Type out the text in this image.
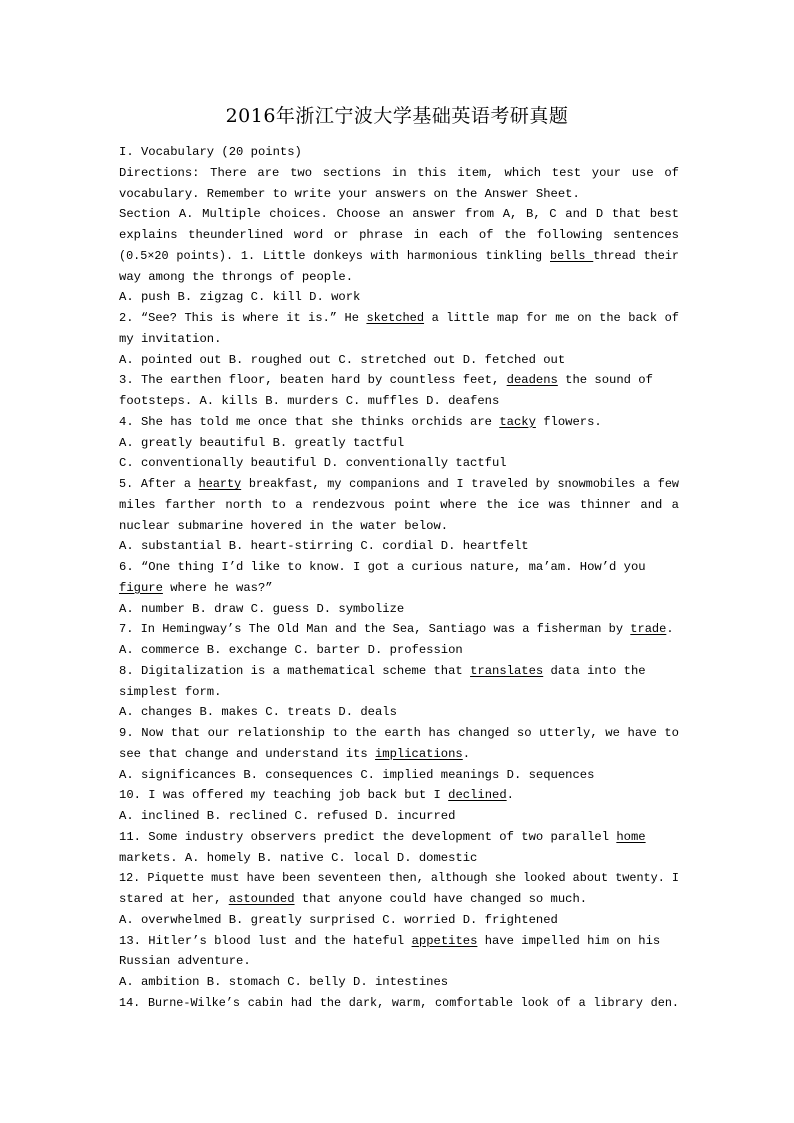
2016年浙江宁波大学基础英语考研真题
I. Vocabulary (20 points)
Directions: There are two sections in this item, which test your use of
vocabulary. Remember to write your answers on the Answer Sheet.
Section A. Multiple choices. Choose an answer from A, B, C and D that best
explains theunderlined word or phrase in each of the following sentences
(0.5×20 points). 1. Little donkeys with harmonious tinkling bells thread their
way among the throngs of people.
A. push B. zigzag C. kill D. work
2. “See? This is where it is.” He sketched a little map for me on the back of
my invitation.
A. pointed out B. roughed out C. stretched out D. fetched out
3. The earthen floor, beaten hard by countless feet, deadens the sound of
footsteps. A. kills B. murders C. muffles D. deafens
4. She has told me once that she thinks orchids are tacky flowers.
A. greatly beautiful B. greatly tactful
C. conventionally beautiful D. conventionally tactful
5. After a hearty breakfast, my companions and I traveled by snowmobiles a few
miles farther north to a rendezvous point where the ice was thinner and a
nuclear submarine hovered in the water below.
A. substantial B. heart-stirring C. cordial D. heartfelt
6. “One thing I’d like to know. I got a curious nature, ma’am. How’d you
figure where he was?”
A. number B. draw C. guess D. symbolize
7. In Hemingway’s The Old Man and the Sea, Santiago was a fisherman by trade.
A. commerce B. exchange C. barter D. profession
8. Digitalization is a mathematical scheme that translates data into the
simplest form.
A. changes B. makes C. treats D. deals
9. Now that our relationship to the earth has changed so utterly, we have to
see that change and understand its implications.
A. significances B. consequences C. implied meanings D. sequences
10. I was offered my teaching job back but I declined.
A. inclined B. reclined C. refused D. incurred
11. Some industry observers predict the development of two parallel home
markets. A. homely B. native C. local D. domestic
12. Piquette must have been seventeen then, although she looked about twenty. I
stared at her, astounded that anyone could have changed so much.
A. overwhelmed B. greatly surprised C. worried D. frightened
13. Hitler’s blood lust and the hateful appetites have impelled him on his
Russian adventure.
A. ambition B. stomach C. belly D. intestines
14. Burne-Wilke’s cabin had the dark, warm, comfortable look of a library den.
